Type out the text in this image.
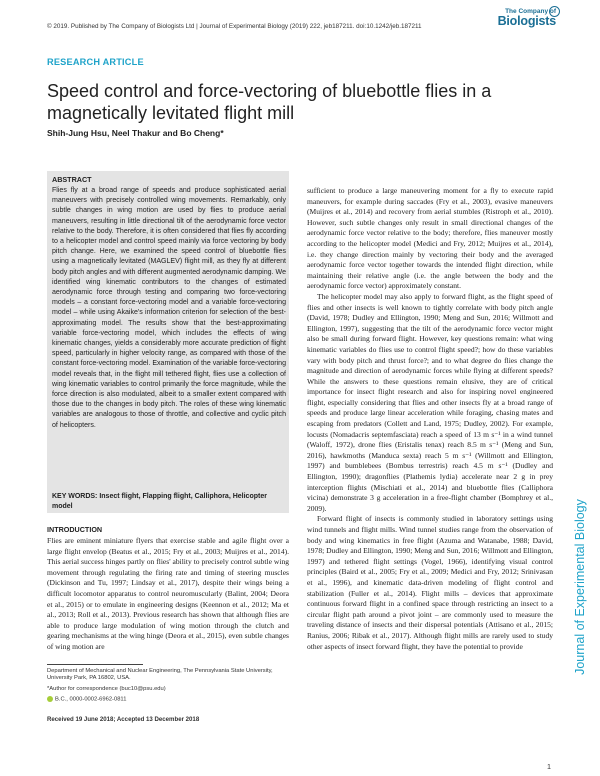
© 2019. Published by The Company of Biologists Ltd | Journal of Experimental Biology (2019) 222, jeb187211. doi:10.1242/jeb.187211
The Company of
Biologists
RESEARCH ARTICLE
Speed control and force-vectoring of bluebottle flies in a magnetically levitated flight mill
Shih-Jung Hsu, Neel Thakur and Bo Cheng*
ABSTRACT
Flies fly at a broad range of speeds and produce sophisticated aerial maneuvers with precisely controlled wing movements. Remarkably, only subtle changes in wing motion are used by flies to produce aerial maneuvers, resulting in little directional tilt of the aerodynamic force vector relative to the body. Therefore, it is often considered that flies fly according to a helicopter model and control speed mainly via force vectoring by body pitch change. Here, we examined the speed control of bluebottle flies using a magnetically levitated (MAGLEV) flight mill, as they fly at different body pitch angles and with different augmented aerodynamic damping. We identified wing kinematic contributors to the changes of estimated aerodynamic force through testing and comparing two force-vectoring models – a constant force-vectoring model and a variable force-vectoring model – while using Akaike's information criterion for selection of the best-approximating model. The results show that the best-approximating variable force-vectoring model, which includes the effects of wing kinematic changes, yields a considerably more accurate prediction of flight speed, particularly in higher velocity range, as compared with those of the constant force-vectoring model. Examination of the variable force-vectoring model reveals that, in the flight mill tethered flight, flies use a collection of wing kinematic variables to control primarily the force magnitude, while the force direction is also modulated, albeit to a smaller extent compared with those due to the changes in body pitch. The roles of these wing kinematic variables are analogous to those of throttle, and collective and cyclic pitch of helicopters.
KEY WORDS: Insect flight, Flapping flight, Calliphora, Helicopter model
INTRODUCTION
Flies are eminent miniature flyers that exercise stable and agile flight over a large flight envelop (Beatus et al., 2015; Fry et al., 2003; Muijres et al., 2014). This aerial success hinges partly on flies' ability to precisely control subtle wing movement through regulating the firing rate and timing of steering muscles (Dickinson and Tu, 1997; Lindsay et al., 2017), despite their wings being a difficult locomotor apparatus to control neuromuscularly (Balint, 2004; Deora et al., 2015) or to emulate in engineering designs (Keennon et al., 2012; Ma et al., 2013; Roll et al., 2013). Previous research has shown that although flies are able to produce large modulation of wing motion through the clutch and gearing mechanisms at the wing hinge (Deora et al., 2015), even subtle changes of wing motion are
Department of Mechanical and Nuclear Engineering, The Pennsylvania State University, University Park, PA 16802, USA.
*Author for correspondence (buc10@psu.edu)
B.C., 0000-0002-6962-0811
Received 19 June 2018; Accepted 13 December 2018
sufficient to produce a large maneuvering moment for a fly to execute rapid maneuvers, for example during saccades (Fry et al., 2003), evasive maneuvers (Muijres et al., 2014) and recovery from aerial stumbles (Ristroph et al., 2010). However, such subtle changes only result in small directional changes of the aerodynamic force vector relative to the body; therefore, flies maneuver mostly according to the helicopter model (Medici and Fry, 2012; Muijres et al., 2014), i.e. they change direction mainly by vectoring their body and the averaged aerodynamic force vector together towards the intended flight direction, while maintaining their relative angle (i.e. the angle between the body and the aerodynamic force vector) approximately constant.
The helicopter model may also apply to forward flight, as the flight speed of flies and other insects is well known to tightly correlate with body pitch angle (David, 1978; Dudley and Ellington, 1990; Meng and Sun, 2016; Willmott and Ellington, 1997), suggesting that the tilt of the aerodynamic force vector might also be small during forward flight. However, key questions remain: what wing kinematic variables do flies use to control flight speed?; how do these variables vary with body pitch and thrust force?; and to what degree do flies change the magnitude and direction of aerodynamic forces while flying at different speeds? While the answers to these questions remain elusive, they are of critical importance for insect flight research and also for inspiring novel engineered flight, especially considering that flies and other insects fly at a broad range of speeds and produce large linear acceleration while foraging, chasing mates and escaping from predators (Collett and Land, 1975; Dudley, 2002). For example, locusts (Nomadacris septemfasciata) reach a speed of 13 m s⁻¹ in a wind tunnel (Waloff, 1972), drone flies (Eristalis tenax) reach 8.5 m s⁻¹ (Meng and Sun, 2016), hawkmoths (Manduca sexta) reach 5 m s⁻¹ (Willmott and Ellington, 1997) and bumblebees (Bombus terrestris) reach 4.5 m s⁻¹ (Dudley and Ellington, 1990); dragonflies (Plathemis lydia) accelerate near 2 g in prey interception flights (Mischiati et al., 2014) and bluebottle flies (Calliphora vicina) demonstrate 3 g acceleration in a free-flight chamber (Bomphrey et al., 2009).
Forward flight of insects is commonly studied in laboratory settings using wind tunnels and flight mills. Wind tunnel studies range from the observation of body and wing kinematics in free flight (Azuma and Watanabe, 1988; David, 1978; Dudley and Ellington, 1990; Meng and Sun, 2016; Willmott and Ellington, 1997) and tethered flight settings (Vogel, 1966), identifying visual control principles (Baird et al., 2005; Fry et al., 2009; Medici and Fry, 2012; Srinivasan et al., 1996), and kinematic data-driven modeling of flight control and stabilization (Fuller et al., 2014). Flight mills – devices that approximate continuous forward flight in a confined space through restricting an insect to a circular flight path around a pivot joint – are commonly used to measure the traveling distance of insects and their dispersal potentials (Attisano et al., 2015; Ranius, 2006; Ribak et al., 2017). Although flight mills are rarely used to study other aspects of insect forward flight, they have the potential to provide	Journal of Experimental Biology
1
